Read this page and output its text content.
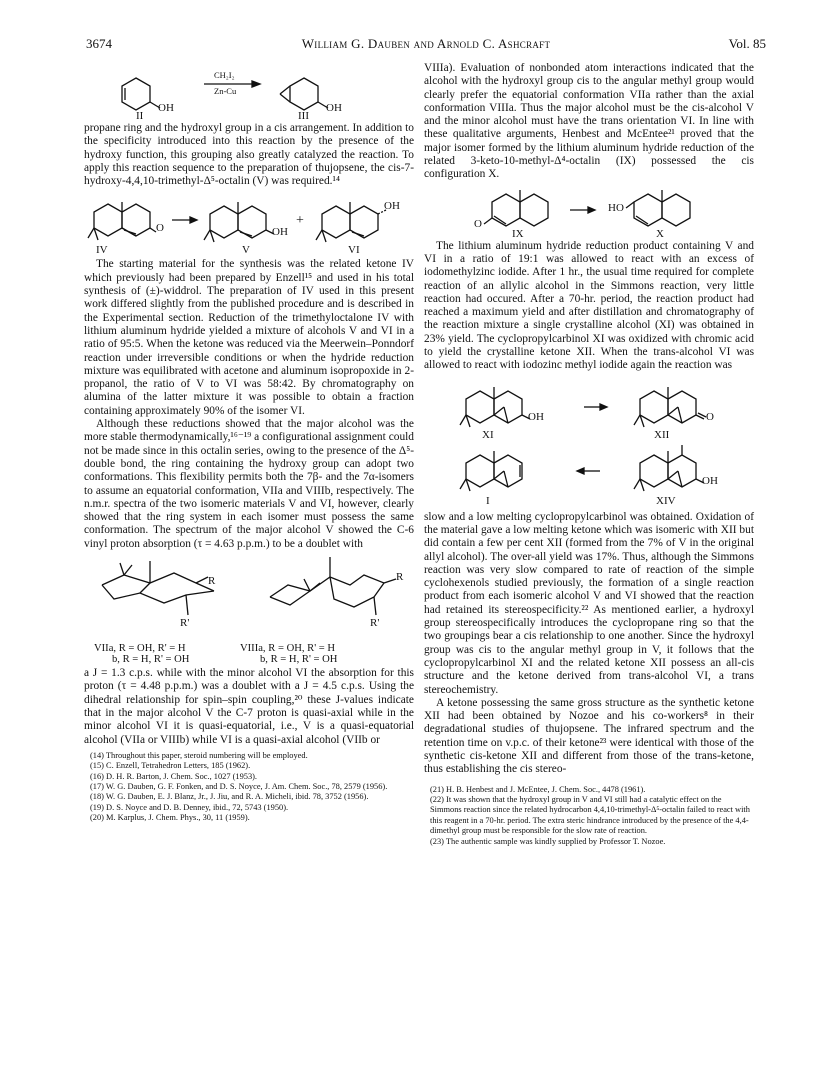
3674	William G. Dauben and Arnold C. Ashcraft	Vol. 85
CH₂I₂
Zn-Cu
OH	OH
II	III

propane ring and the hydroxyl group in a cis arrangement. In addition to the specificity introduced into this reaction by the presence of the hydroxy function, this grouping also greatly catalyzed the reaction. To apply this reaction sequence to the preparation of thujopsene, the cis-7-hydroxy-4,4,10-trimethyl-Δ⁵-octalin (V) was required.¹⁴

+
O	OH
OH
IV	V	VI

The starting material for the synthesis was the related ketone IV which previously had been prepared by Enzell¹⁵ and used in his total synthesis of (±)-widdrol. The preparation of IV used in this present work differed slightly from the published procedure and is described in the Experimental section. Reduction of the trimethyloctalone IV with lithium aluminum hydride yielded a mixture of alcohols V and VI in a ratio of 95:5. When the ketone was reduced via the Meerwein–Ponndorf reaction under irreversible conditions or when the hydride reduction mixture was equilibrated with acetone and aluminum isopropoxide in 2-propanol, the ratio of V to VI was 58:42. By chromatography on alumina of the latter mixture it was possible to obtain a fraction containing approximately 90% of the isomer VI.

Although these reductions showed that the major alcohol was the more stable thermodynamically,¹⁶⁻¹⁹ a configurational assignment could not be made since in this octalin series, owing to the presence of the Δ⁵-double bond, the ring containing the hydroxy group can adopt two conformations. This flexibility permits both the 7β- and the 7α-isomers to assume an equatorial conformation, VIIa and VIIIb, respectively. The n.m.r. spectra of the two isomeric materials V and VI, however, clearly showed that the ring system in each isomer must possess the same conformation. The spectrum of the major alcohol V showed the C-6 vinyl proton absorption (τ = 4.63 p.p.m.) to be a doublet with

R
R'
R
R'
VIIa, R = OH, R' = H
b, R = H, R' = OH
VIIIa, R = OH, R' = H
b, R = H, R' = OH

a J = 1.3 c.p.s. while with the minor alcohol VI the absorption for this proton (τ = 4.48 p.p.m.) was a doublet with a J = 4.5 c.p.s. Using the dihedral relationship for spin–spin coupling,²⁰ these J-values indicate that in the major alcohol V the C-7 proton is quasi-axial while in the minor alcohol VI it is quasi-equatorial, i.e., V is a quasi-equatorial alcohol (VIIa or VIIIb) while VI is a quasi-axial alcohol (VIIb or

(14) Throughout this paper, steroid numbering will be employed.
(15) C. Enzell, Tetrahedron Letters, 185 (1962).
(16) D. H. R. Barton, J. Chem. Soc., 1027 (1953).
(17) W. G. Dauben, G. F. Fonken, and D. S. Noyce, J. Am. Chem. Soc., 78, 2579 (1956).
(18) W. G. Dauben, E. J. Blanz, Jr., J. Jiu, and R. A. Micheli, ibid. 78, 3752 (1956).
(19) D. S. Noyce and D. B. Denney, ibid., 72, 5743 (1950).
(20) M. Karplus, J. Chem. Phys., 30, 11 (1959).

VIIIa). Evaluation of nonbonded atom interactions indicated that the alcohol with the hydroxyl group cis to the angular methyl group would clearly prefer the equatorial conformation VIIa rather than the axial conformation VIIIa. Thus the major alcohol must be the cis-alcohol V and the minor alcohol must have the trans orientation VI. In line with these qualitative arguments, Henbest and McEntee²¹ proved that the major isomer formed by the lithium aluminum hydride reduction of the related 3-keto-10-methyl-Δ⁴-octalin (IX) possessed the cis configuration X.

O
HO
IX	X

The lithium aluminum hydride reduction product containing V and VI in a ratio of 19:1 was allowed to react with an excess of iodomethylzinc iodide. After 1 hr., the usual time required for complete reaction of an allylic alcohol in the Simmons reaction, very little reaction had occured. After a 70-hr. period, the reaction product had reached a maximum yield and after distillation and chromatography of the reaction mixture a single crystalline alcohol (XI) was obtained in 23% yield. The cyclopropylcarbinol XI was oxidized with chromic acid to yield the crystalline ketone XII. When the trans-alcohol VI was allowed to react with iodozinc methyl iodide again the reaction was

OH	O
OH
XI	XII
I	XIV

slow and a low melting cyclopropylcarbinol was obtained. Oxidation of the material gave a low melting ketone which was isomeric with XII but did contain a few per cent XII (formed from the 7% of V in the original allyl alcohol). The over-all yield was 17%. Thus, although the Simmons reaction was very slow compared to rate of reaction of the simple cyclohexenols studied previously, the formation of a single reaction product from each isomeric alcohol V and VI showed that the reaction had retained its stereospecificity.²² As mentioned earlier, a hydroxyl group stereospecifically introduces the cyclopropane ring so that the two groupings bear a cis relationship to one another. Since the hydroxyl group was cis to the angular methyl group in V, it follows that the cyclopropylcarbinol XI and the related ketone XII possess an all-cis structure and the ketone derived from trans-alcohol VI, a trans stereochemistry.

A ketone possessing the same gross structure as the synthetic ketone XII had been obtained by Nozoe and his co-workers⁸ in their degradational studies of thujopsene. The infrared spectrum and the retention time on v.p.c. of their ketone²³ were identical with those of the synthetic cis-ketone XII and different from those of the trans-ketone, thus establishing the cis stereo-

(21) H. B. Henbest and J. McEntee, J. Chem. Soc., 4478 (1961).
(22) It was shown that the hydroxyl group in V and VI still had a catalytic effect on the Simmons reaction since the related hydrocarbon 4,4,10-trimethyl-Δ⁵-octalin failed to react with this reagent in a 70-hr. period. The extra steric hindrance introduced by the presence of the 4,4-dimethyl group must be responsible for the slow rate of reaction.
(23) The authentic sample was kindly supplied by Professor T. Nozoe.
